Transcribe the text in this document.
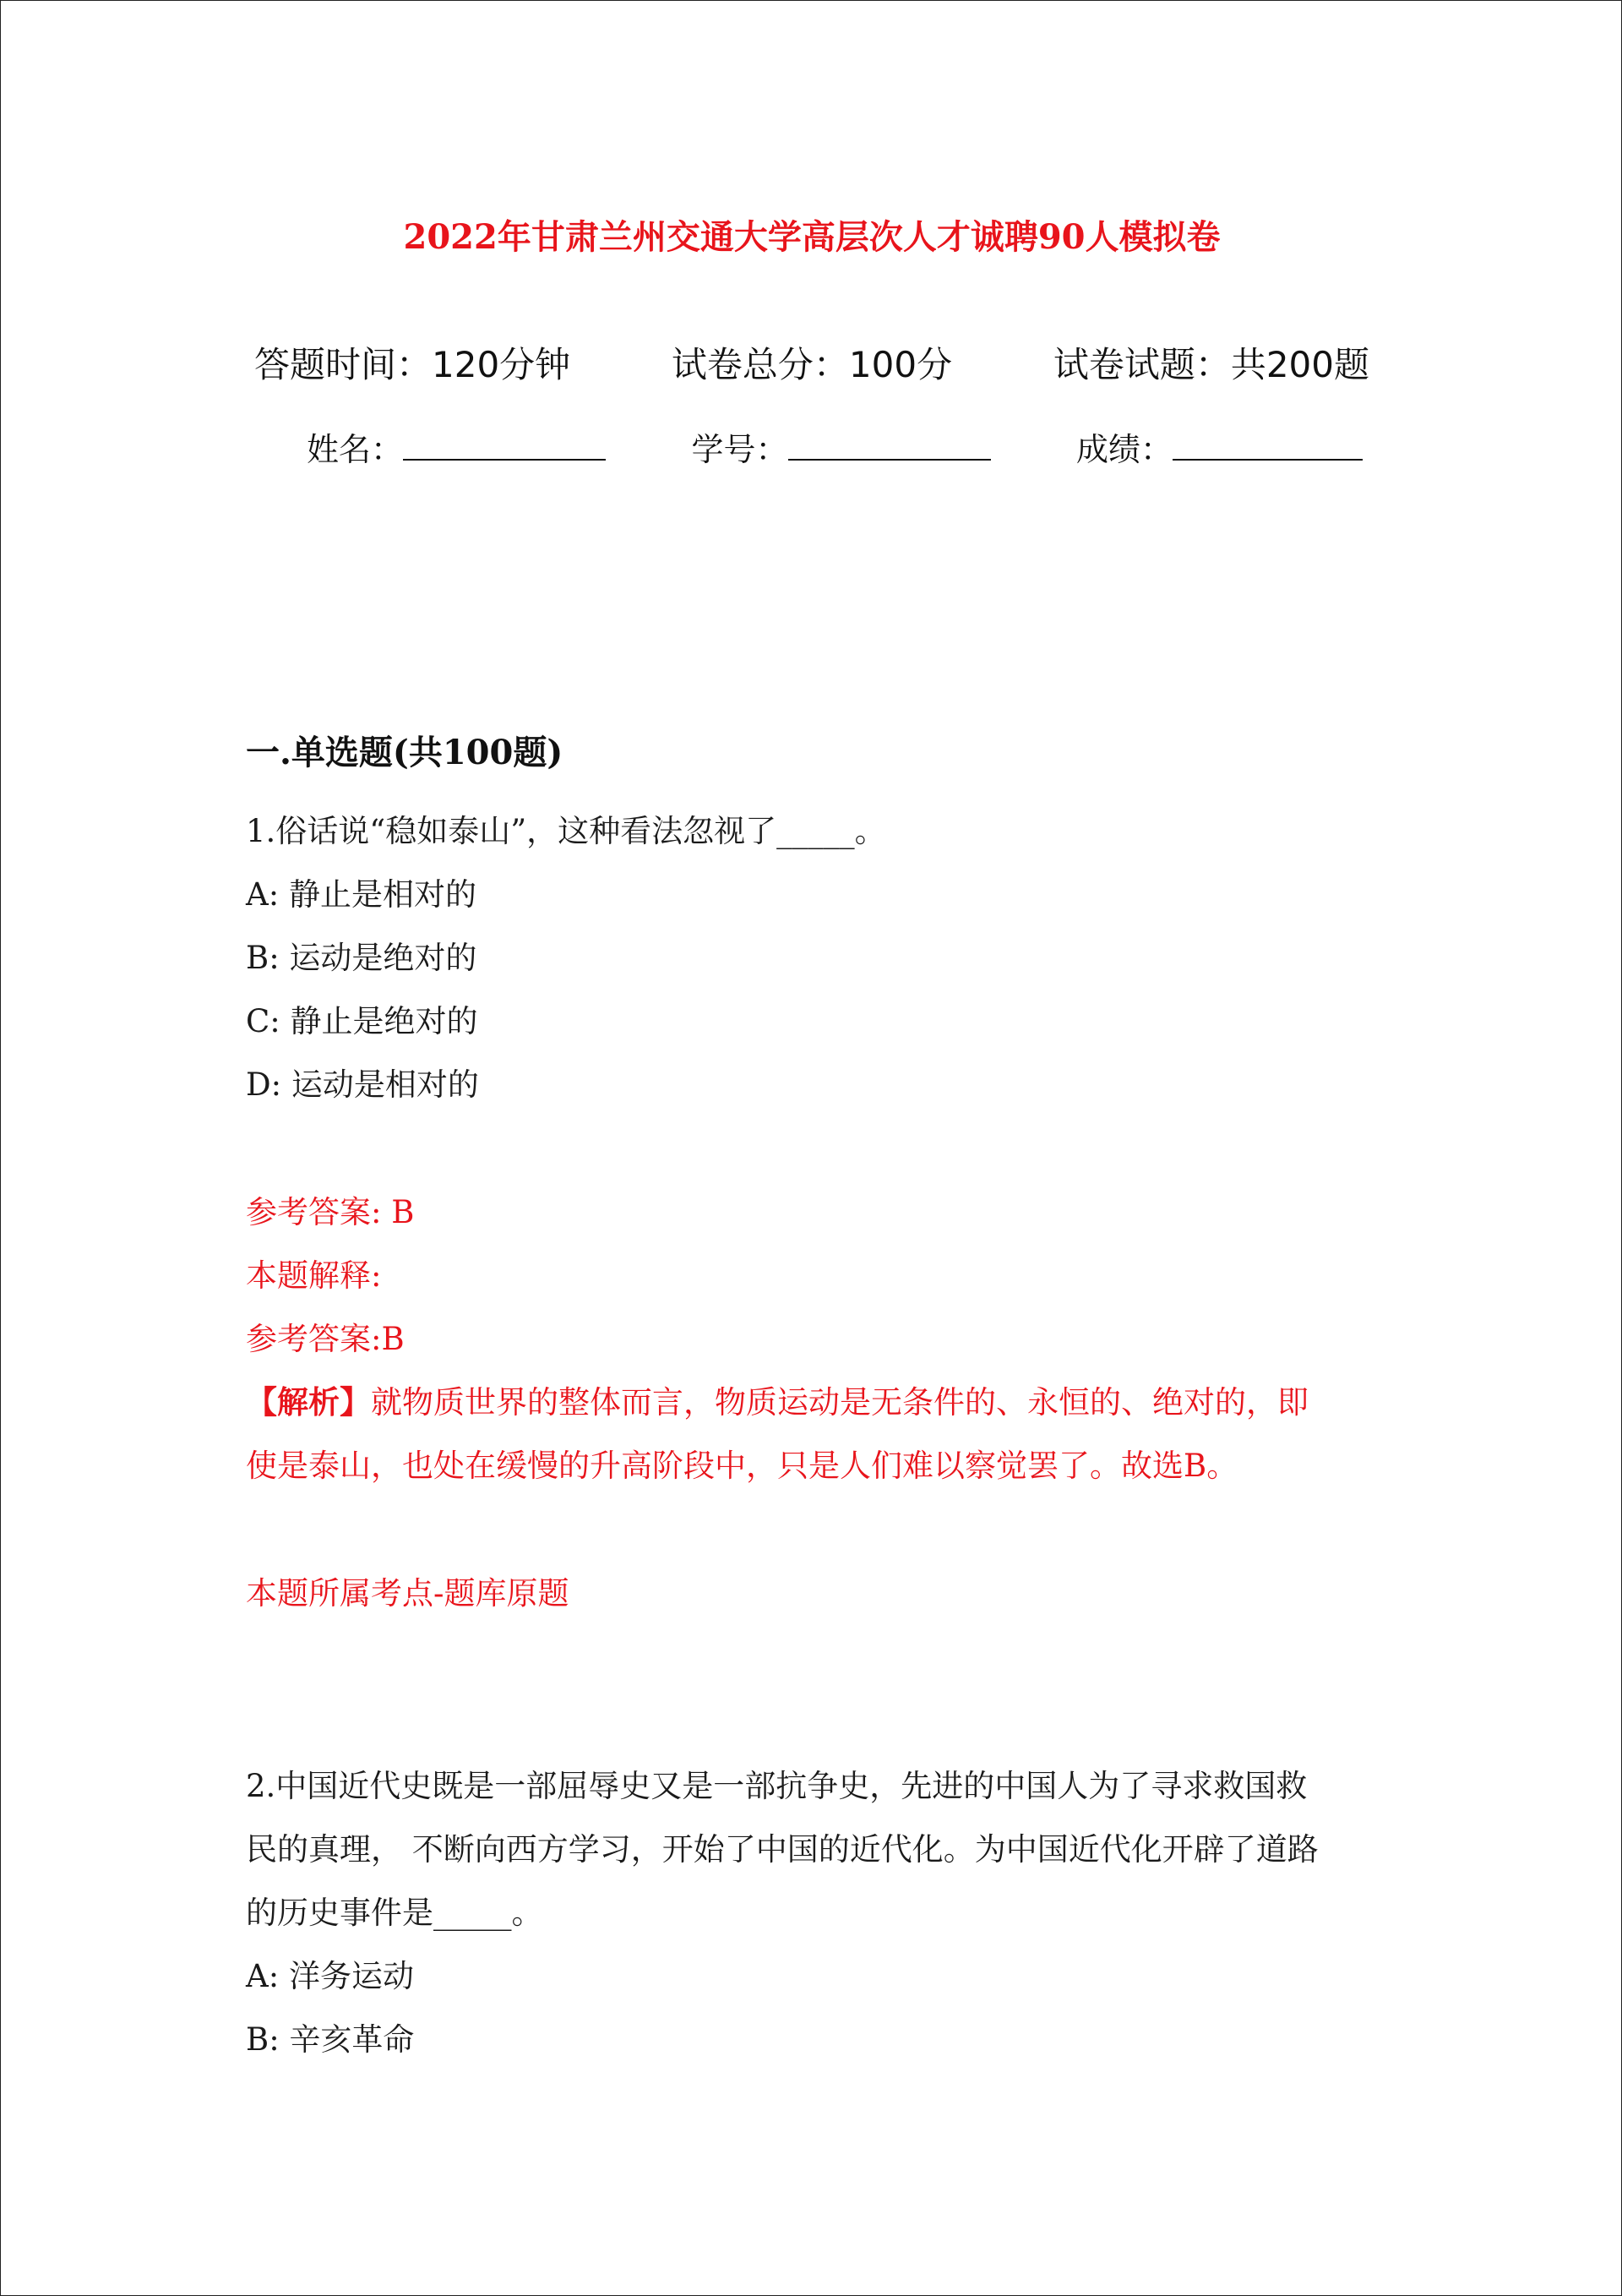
2022年甘肃兰州交通大学高层次人才诚聘90人模拟卷
答题时间：120分钟	试卷总分：100分	试卷试题：共200题
姓名：	学号：	成绩：
一.单选题(共100题)
1.俗话说“稳如泰山”，这种看法忽视了_____。
A: 静止是相对的
B: 运动是绝对的
C: 静止是绝对的
D: 运动是相对的
参考答案: B
本题解释:
参考答案:B
【解析】就物质世界的整体而言，物质运动是无条件的、永恒的、绝对的，即
使是泰山，也处在缓慢的升高阶段中，只是人们难以察觉罢了。故选B。
本题所属考点-题库原题
2.中国近代史既是一部屈辱史又是一部抗争史，先进的中国人为了寻求救国救
民的真理， 不断向西方学习，开始了中国的近代化。为中国近代化开辟了道路
的历史事件是_____。
A: 洋务运动
B: 辛亥革命
